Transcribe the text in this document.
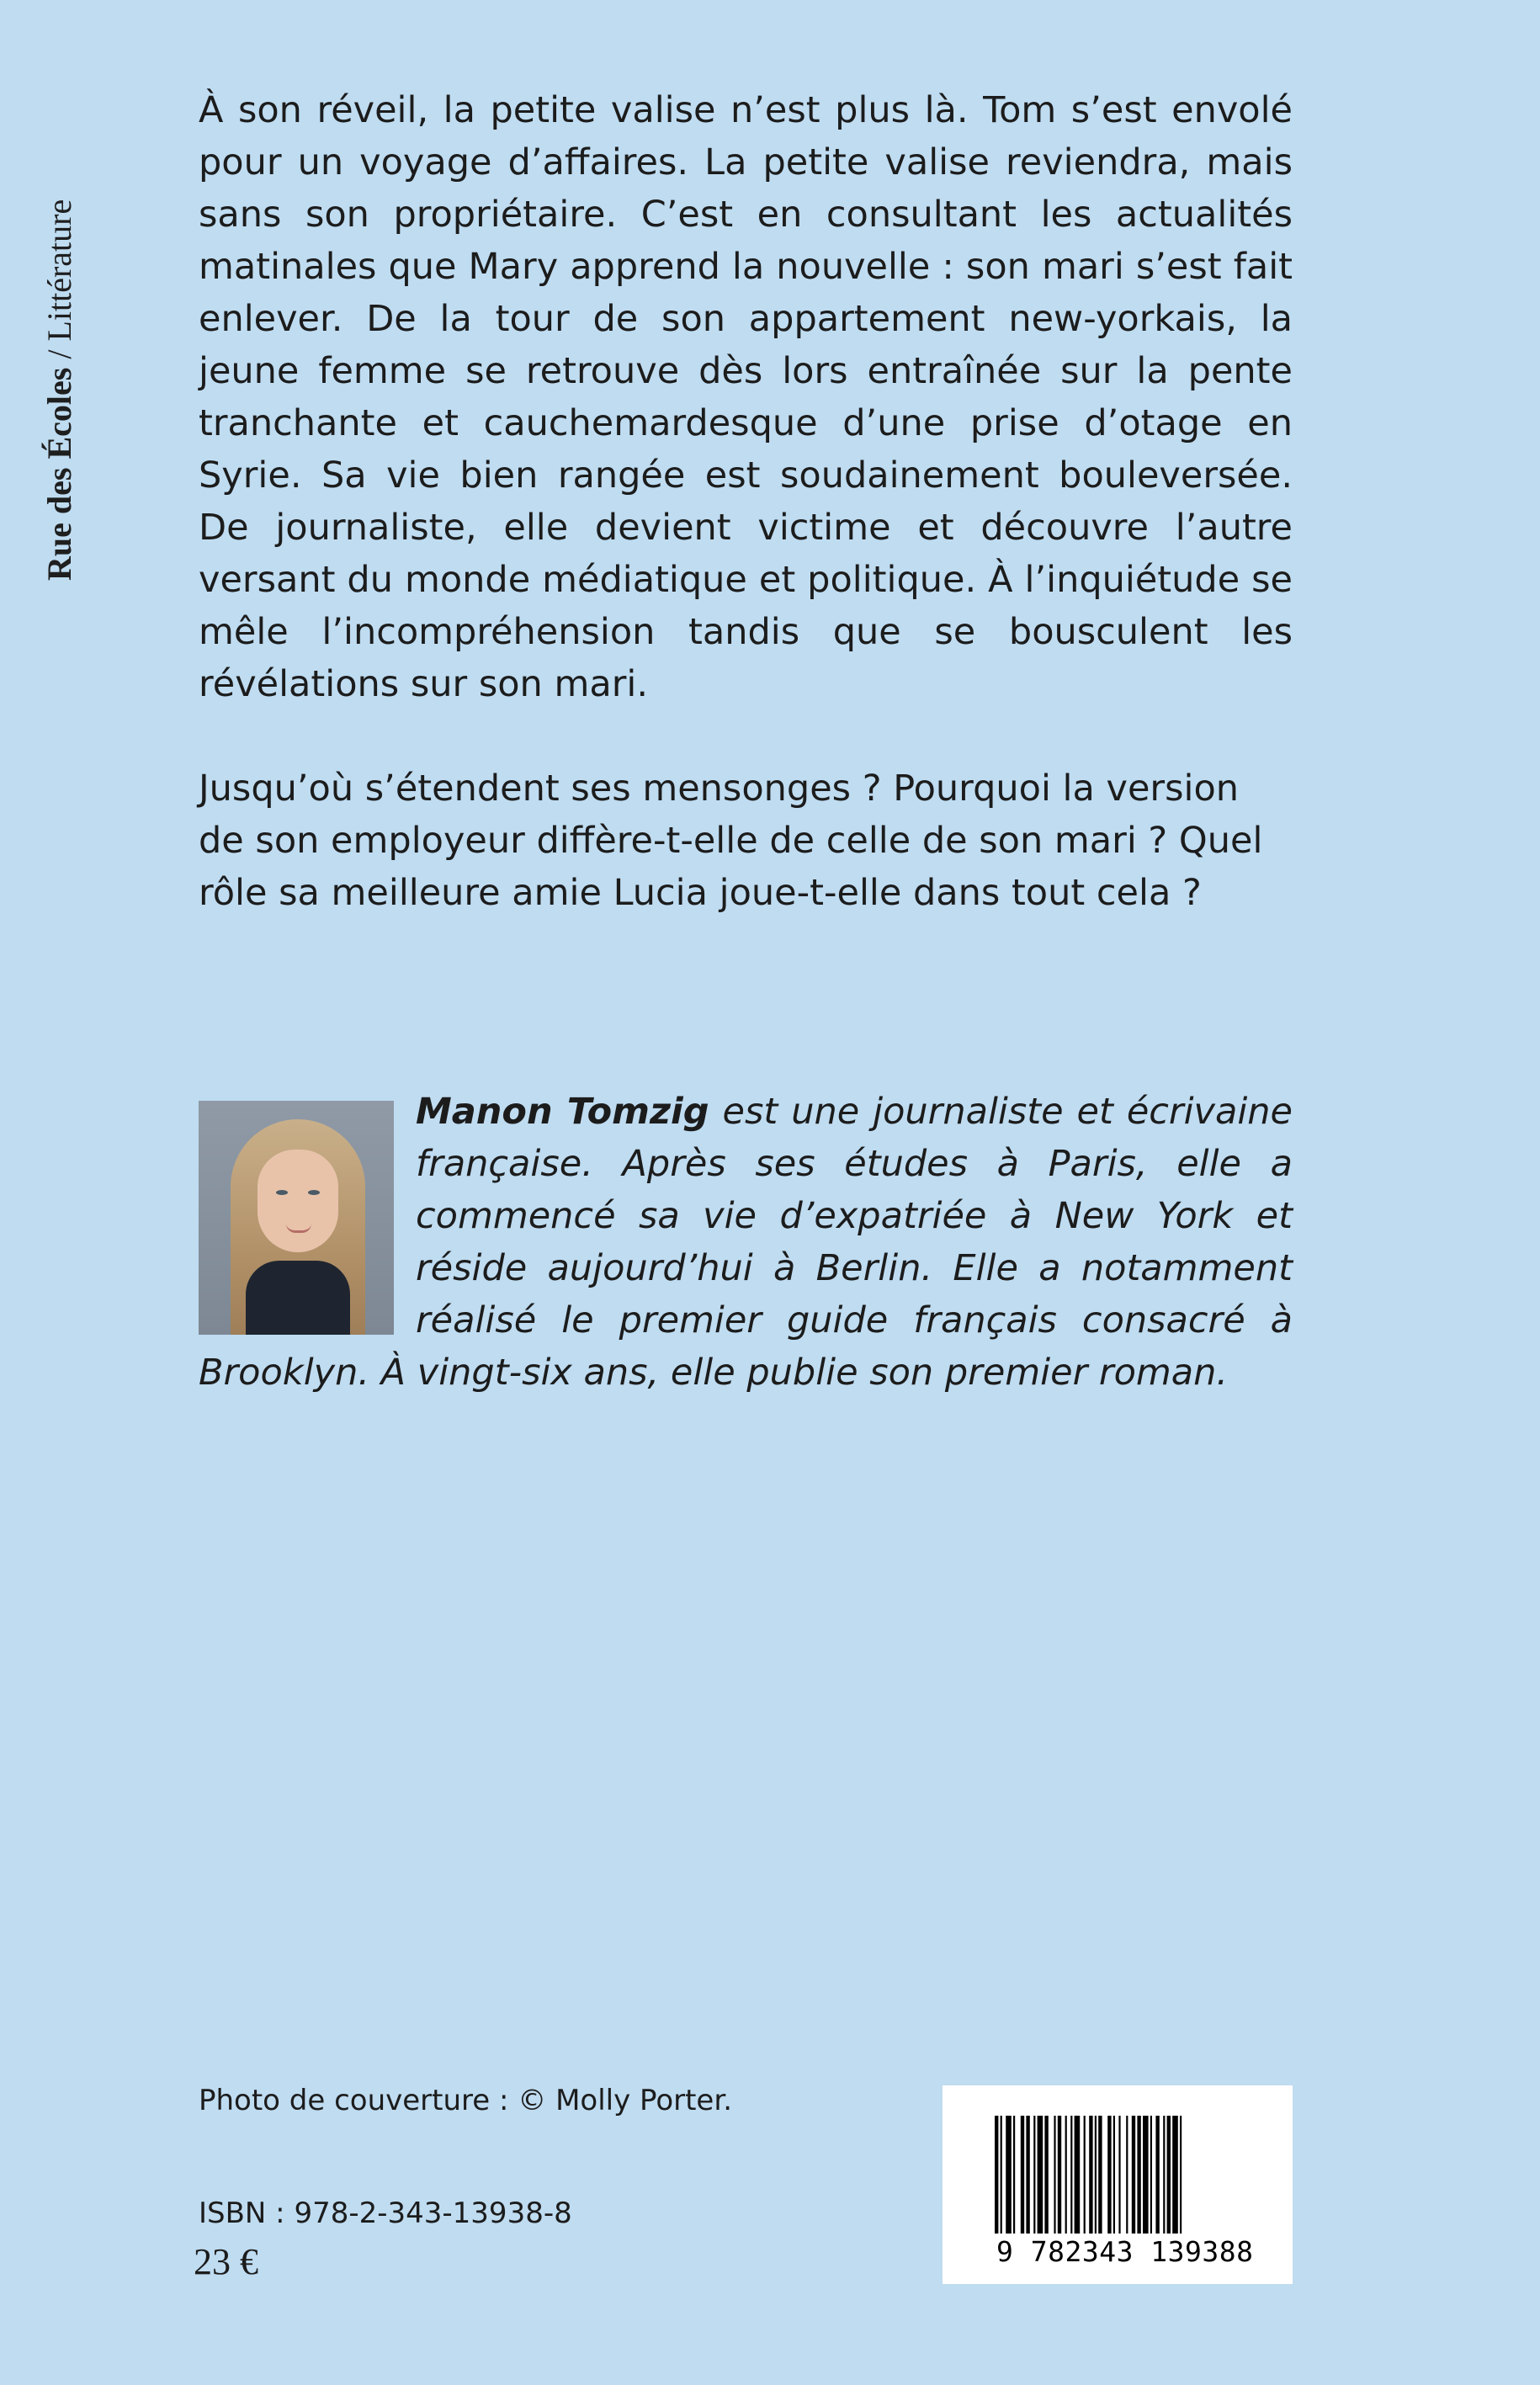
Rue des Écoles / Littérature

À son réveil, la petite valise n’est plus là. Tom s’est envolé pour un voyage d’affaires. La petite valise reviendra, mais sans son propriétaire. C’est en consultant les actualités matinales que Mary apprend la nouvelle : son mari s’est fait enlever. De la tour de son appartement new-yorkais, la jeune femme se retrouve dès lors entraînée sur la pente tranchante et cauchemardesque d’une prise d’otage en Syrie. Sa vie bien rangée est soudainement bouleversée. De journaliste, elle devient victime et découvre l’autre versant du monde médiatique et politique. À l’inquiétude se mêle l’incompréhension tandis que se bousculent les révélations sur son mari.

Jusqu’où s’étendent ses mensonges ? Pourquoi la version de son employeur diffère-t-elle de celle de son mari ? Quel rôle sa meilleure amie Lucia joue-t-elle dans tout cela ?

Manon Tomzig est une journaliste et écrivaine française. Après ses études à Paris, elle a commencé sa vie d’expatriée à New York et réside aujourd’hui à Berlin. Elle a notamment réalisé le premier guide français consacré à Brooklyn. À vingt-six ans, elle publie son premier roman.
Photo de couverture : © Molly Porter.
ISBN : 978-2-343-13938-8
23 €	9 782343 139388
